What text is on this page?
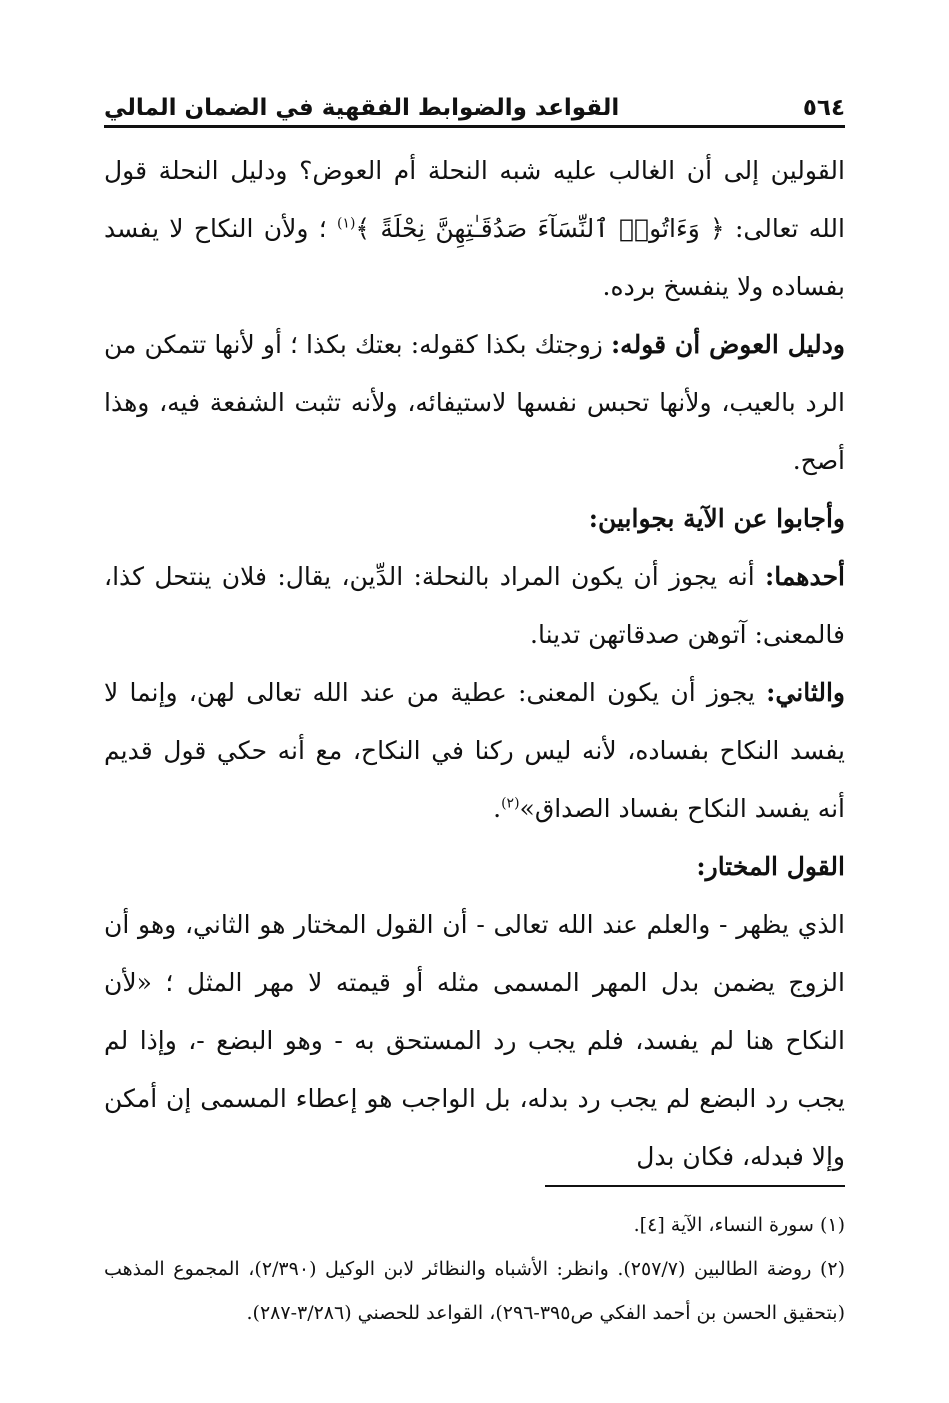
القواعد والضوابط الفقهية في الضمان المالي	٥٦٤

القولين إلى أن الغالب عليه شبه النحلة أم العوض؟ ودليل النحلة قول الله تعالى: ﴿ وَءَاتُوا۟ ٱلنِّسَآءَ صَدُقَـٰتِهِنَّ نِحْلَةً ﴾$^{(١)}$ ؛ ولأن النكاح لا يفسد بفساده ولا ينفسخ برده.

ودليل العوض أن قوله: زوجتك بكذا كقوله: بعتك بكذا ؛ أو لأنها تتمكن من الرد بالعيب، ولأنها تحبس نفسها لاستيفائه، ولأنه تثبت الشفعة فيه، وهذا أصح.

وأجابوا عن الآية بجوابين:

أحدهما: أنه يجوز أن يكون المراد بالنحلة: الدِّين، يقال: فلان ينتحل كذا، فالمعنى: آتوهن صدقاتهن تدينا.

والثاني: يجوز أن يكون المعنى: عطية من عند الله تعالى لهن، وإنما لا يفسد النكاح بفساده، لأنه ليس ركنا في النكاح، مع أنه حكي قول قديم أنه يفسد النكاح بفساد الصداق»$^{(٢)}$.

القول المختار:

الذي يظهر - والعلم عند الله تعالى - أن القول المختار هو الثاني، وهو أن الزوج يضمن بدل المهر المسمى مثله أو قيمته لا مهر المثل ؛ «لأن النكاح هنا لم يفسد، فلم يجب رد المستحق به - وهو البضع -، وإذا لم يجب رد البضع لم يجب رد بدله، بل الواجب هو إعطاء المسمى إن أمكن وإلا فبدله، فكان بدل

(١) سورة النساء، الآية [٤].

(٢) روضة الطالبين (٢٥٧/٧). وانظر: الأشباه والنظائر لابن الوكيل (٢/٣٩٠)، المجموع المذهب (بتحقيق الحسن بن أحمد الفكي ص٣٩٥-٢٩٦)، القواعد للحصني (٣/٢٨٦-٢٨٧).
